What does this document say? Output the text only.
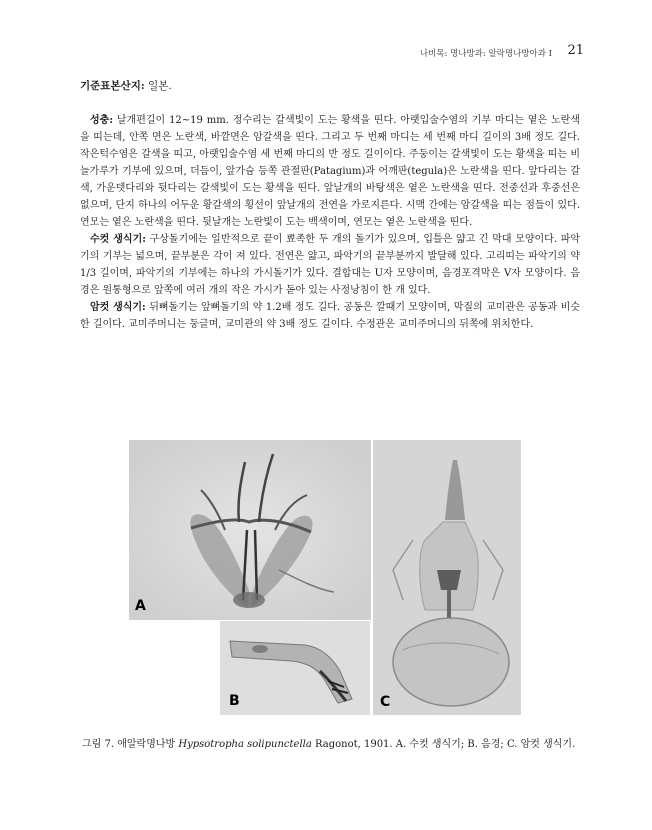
나비목: 명나방과: 알락명나방아과 I 21

기준표본산지: 일본.

성충: 날개편길이 12~19 mm. 정수리는 갈색빛이 도는 황색을 띤다. 아랫입술수염의 기부 마디는 옅은 노란색을 띠는데, 안쪽 면은 노란색, 바깥면은 암갈색을 띤다. 그리고 두 번째 마디는 세 번째 마디 길이의 3배 정도 길다. 작은턱수염은 갈색을 띠고, 아랫입술수염 세 번째 마디의 반 정도 길이이다. 주둥이는 갈색빛이 도는 황색을 띠는 비늘가루가 기부에 있으며, 더듬이, 앞가슴 등쪽 관절판(Patagium)과 어깨판(tegula)은 노란색을 띤다. 앞다리는 갈색, 가운뎃다리와 뒷다리는 갈색빛이 도는 황색을 띤다. 앞날개의 바탕색은 옅은 노란색을 띤다. 전중선과 후중선은 없으며, 단지 하나의 어두운 황갈색의 횡선이 앞날개의 전연을 가로지른다. 시맥 간에는 암갈색을 띠는 점들이 있다. 연모는 옅은 노란색을 띤다. 뒷날개는 노란빛이 도는 백색이며, 연모는 옅은 노란색을 띤다.

수컷 생식기: 구상돌기에는 일반적으로 끝이 뾰족한 두 개의 돌기가 있으며, 입틀은 얇고 긴 막대 모양이다. 파악기의 기부는 넓으며, 끝부분은 각이 져 있다. 전연은 얇고, 파악기의 끝부분까지 발달해 있다. 고리띠는 파악기의 약 1/3 길이며, 파악기의 기부에는 하나의 가시돌기가 있다. 결합대는 U자 모양이며, 음경포격막은 V자 모양이다. 음경은 원통형으로 앞쪽에 여러 개의 작은 가시가 돋아 있는 사정낭침이 한 개 있다.

암컷 생식기: 뒤뼈돌기는 앞뼈돌기의 약 1.2배 정도 길다. 공동은 깔때기 모양이며, 막질의 교미관은 공동과 비슷한 길이다. 교미주머니는 둥글며, 교미관의 약 3배 정도 길이다. 수정관은 교미주머니의 뒤쪽에 위치한다.

A
B	C
그림 7. 애알락명나방 Hypsotropha solipunctella Ragonot, 1901. A. 수컷 생식기; B. 음경; C. 암컷 생식기.
